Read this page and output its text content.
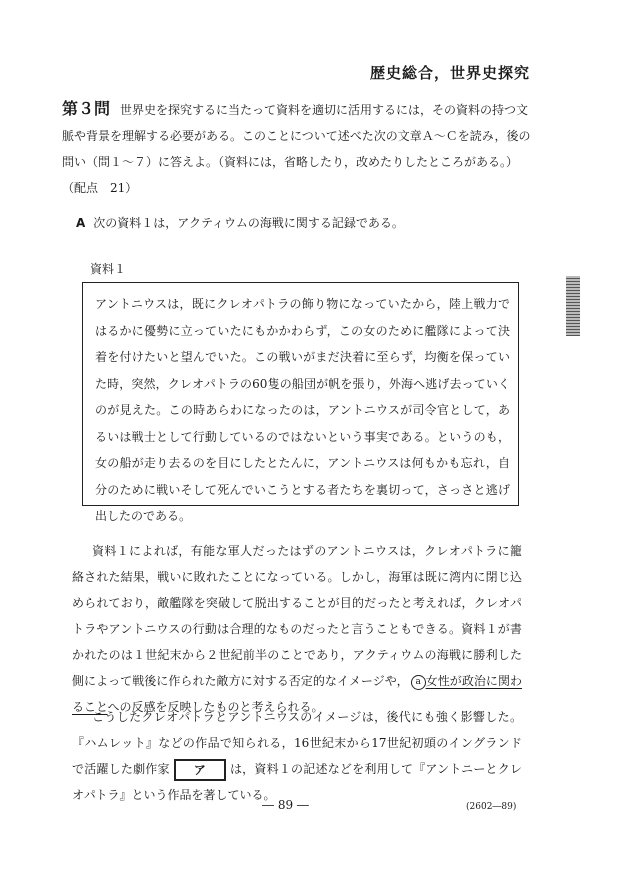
歴史総合，世界史探究
第３問 世界史を探究するに当たって資料を適切に活用するには，その資料の持つ文脈や背景を理解する必要がある。このことについて述べた次の文章Ａ～Ｃを読み，後の問い（問１～７）に答えよ。（資料には，省略したり，改めたりしたところがある。）（配点　21）
A 次の資料１は，アクティウムの海戦に関する記録である。
資料１
アントニウスは，既にクレオパトラの飾り物になっていたから，陸上戦力ではるかに優勢に立っていたにもかかわらず，この女のために艦隊によって決着を付けたいと望んでいた。この戦いがまだ決着に至らず，均衡を保っていた時，突然，クレオパトラの60隻の船団が帆を張り，外海へ逃げ去っていくのが見えた。この時あらわになったのは，アントニウスが司令官として，あるいは戦士として行動しているのではないという事実である。というのも，女の船が走り去るのを目にしたとたんに，アントニウスは何もかも忘れ，自分のために戦いそして死んでいこうとする者たちを裏切って，さっさと逃げ出したのである。
資料１によれば，有能な軍人だったはずのアントニウスは，クレオパトラに籠絡された結果，戦いに敗れたことになっている。しかし，海軍は既に湾内に閉じ込められており，敵艦隊を突破して脱出することが目的だったと考えれば，クレオパトラやアントニウスの行動は合理的なものだったと言うこともできる。資料１が書かれたのは１世紀末から２世紀前半のことであり，アクティウムの海戦に勝利した側によって戦後に作られた敵方に対する否定的なイメージや， a 女性が政治に関わることへの反感を反映したものと考えられる。
こうしたクレオパトラとアントニウスのイメージは，後代にも強く影響した。『ハムレット』などの作品で知られる，16世紀末から17世紀初頭のイングランドで活躍した劇作家 ア は，資料１の記述などを利用して『アントニーとクレオパトラ』という作品を著している。
― 89 ―	(2602―89)
